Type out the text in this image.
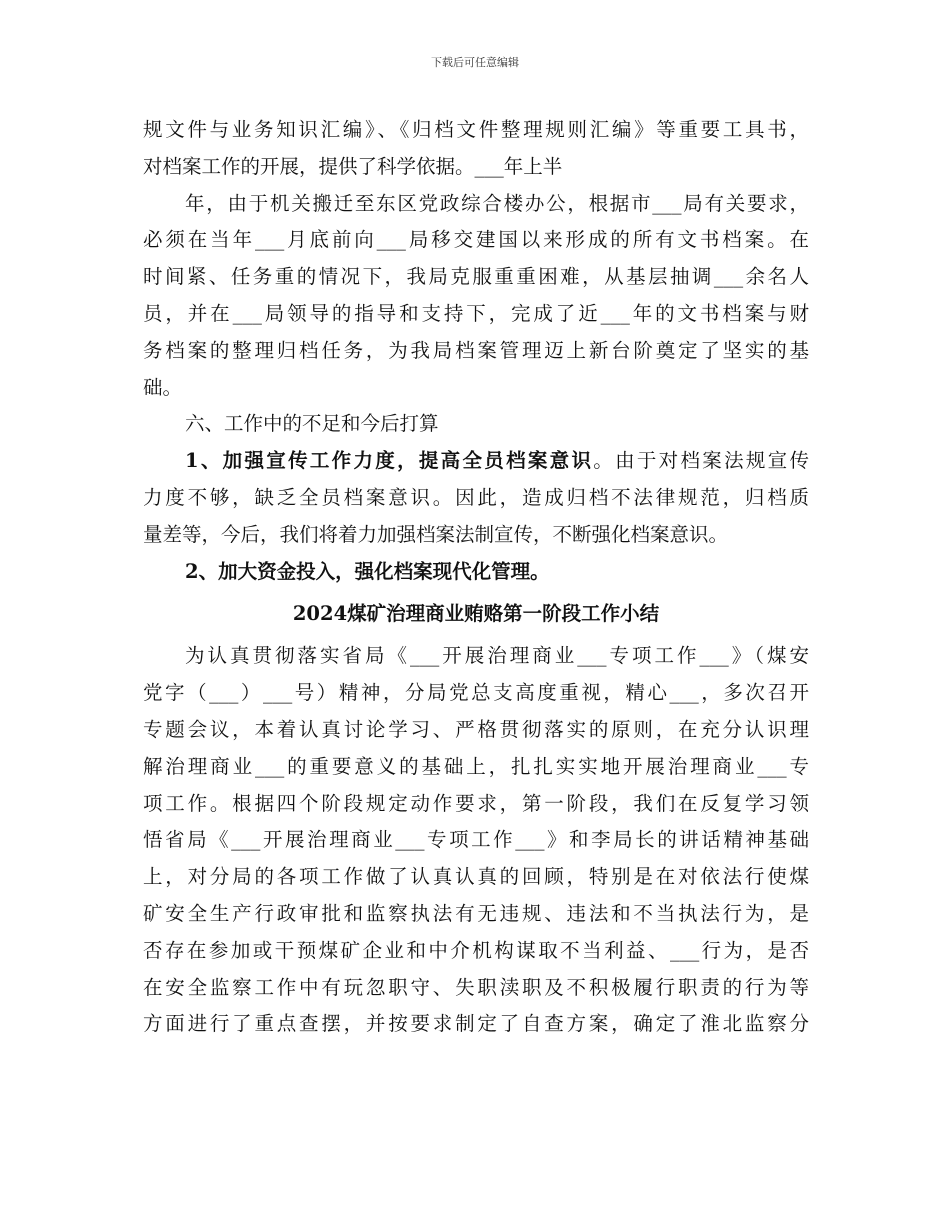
下载后可任意编辑
规文件与业务知识汇编》、《归档文件整理规则汇编》等重要工具书，
对档案工作的开展，提供了科学依据。___年上半
年，由于机关搬迁至东区党政综合楼办公，根据市___局有关要求，
必须在当年___月底前向___局移交建国以来形成的所有文书档案。在
时间紧、任务重的情况下，我局克服重重困难，从基层抽调___余名人
员，并在___局领导的指导和支持下，完成了近___年的文书档案与财
务档案的整理归档任务，为我局档案管理迈上新台阶奠定了坚实的基
础。
六、工作中的不足和今后打算
1、加强宣传工作力度，提高全员档案意识。由于对档案法规宣传
力度不够，缺乏全员档案意识。因此，造成归档不法律规范，归档质
量差等，今后，我们将着力加强档案法制宣传，不断强化档案意识。
2、加大资金投入，强化档案现代化管理。
2024煤矿治理商业贿赂第一阶段工作小结
为认真贯彻落实省局《___开展治理商业___专项工作___》（煤安
党字（___）___号）精神，分局党总支高度重视，精心___，多次召开
专题会议，本着认真讨论学习、严格贯彻落实的原则，在充分认识理
解治理商业___的重要意义的基础上，扎扎实实地开展治理商业___专
项工作。根据四个阶段规定动作要求，第一阶段，我们在反复学习领
悟省局《___开展治理商业___专项工作___》和李局长的讲话精神基础
上，对分局的各项工作做了认真认真的回顾，特别是在对依法行使煤
矿安全生产行政审批和监察执法有无违规、违法和不当执法行为，是
否存在参加或干预煤矿企业和中介机构谋取不当利益、___行为，是否
在安全监察工作中有玩忽职守、失职渎职及不积极履行职责的行为等
方面进行了重点查摆，并按要求制定了自查方案，确定了淮北监察分
